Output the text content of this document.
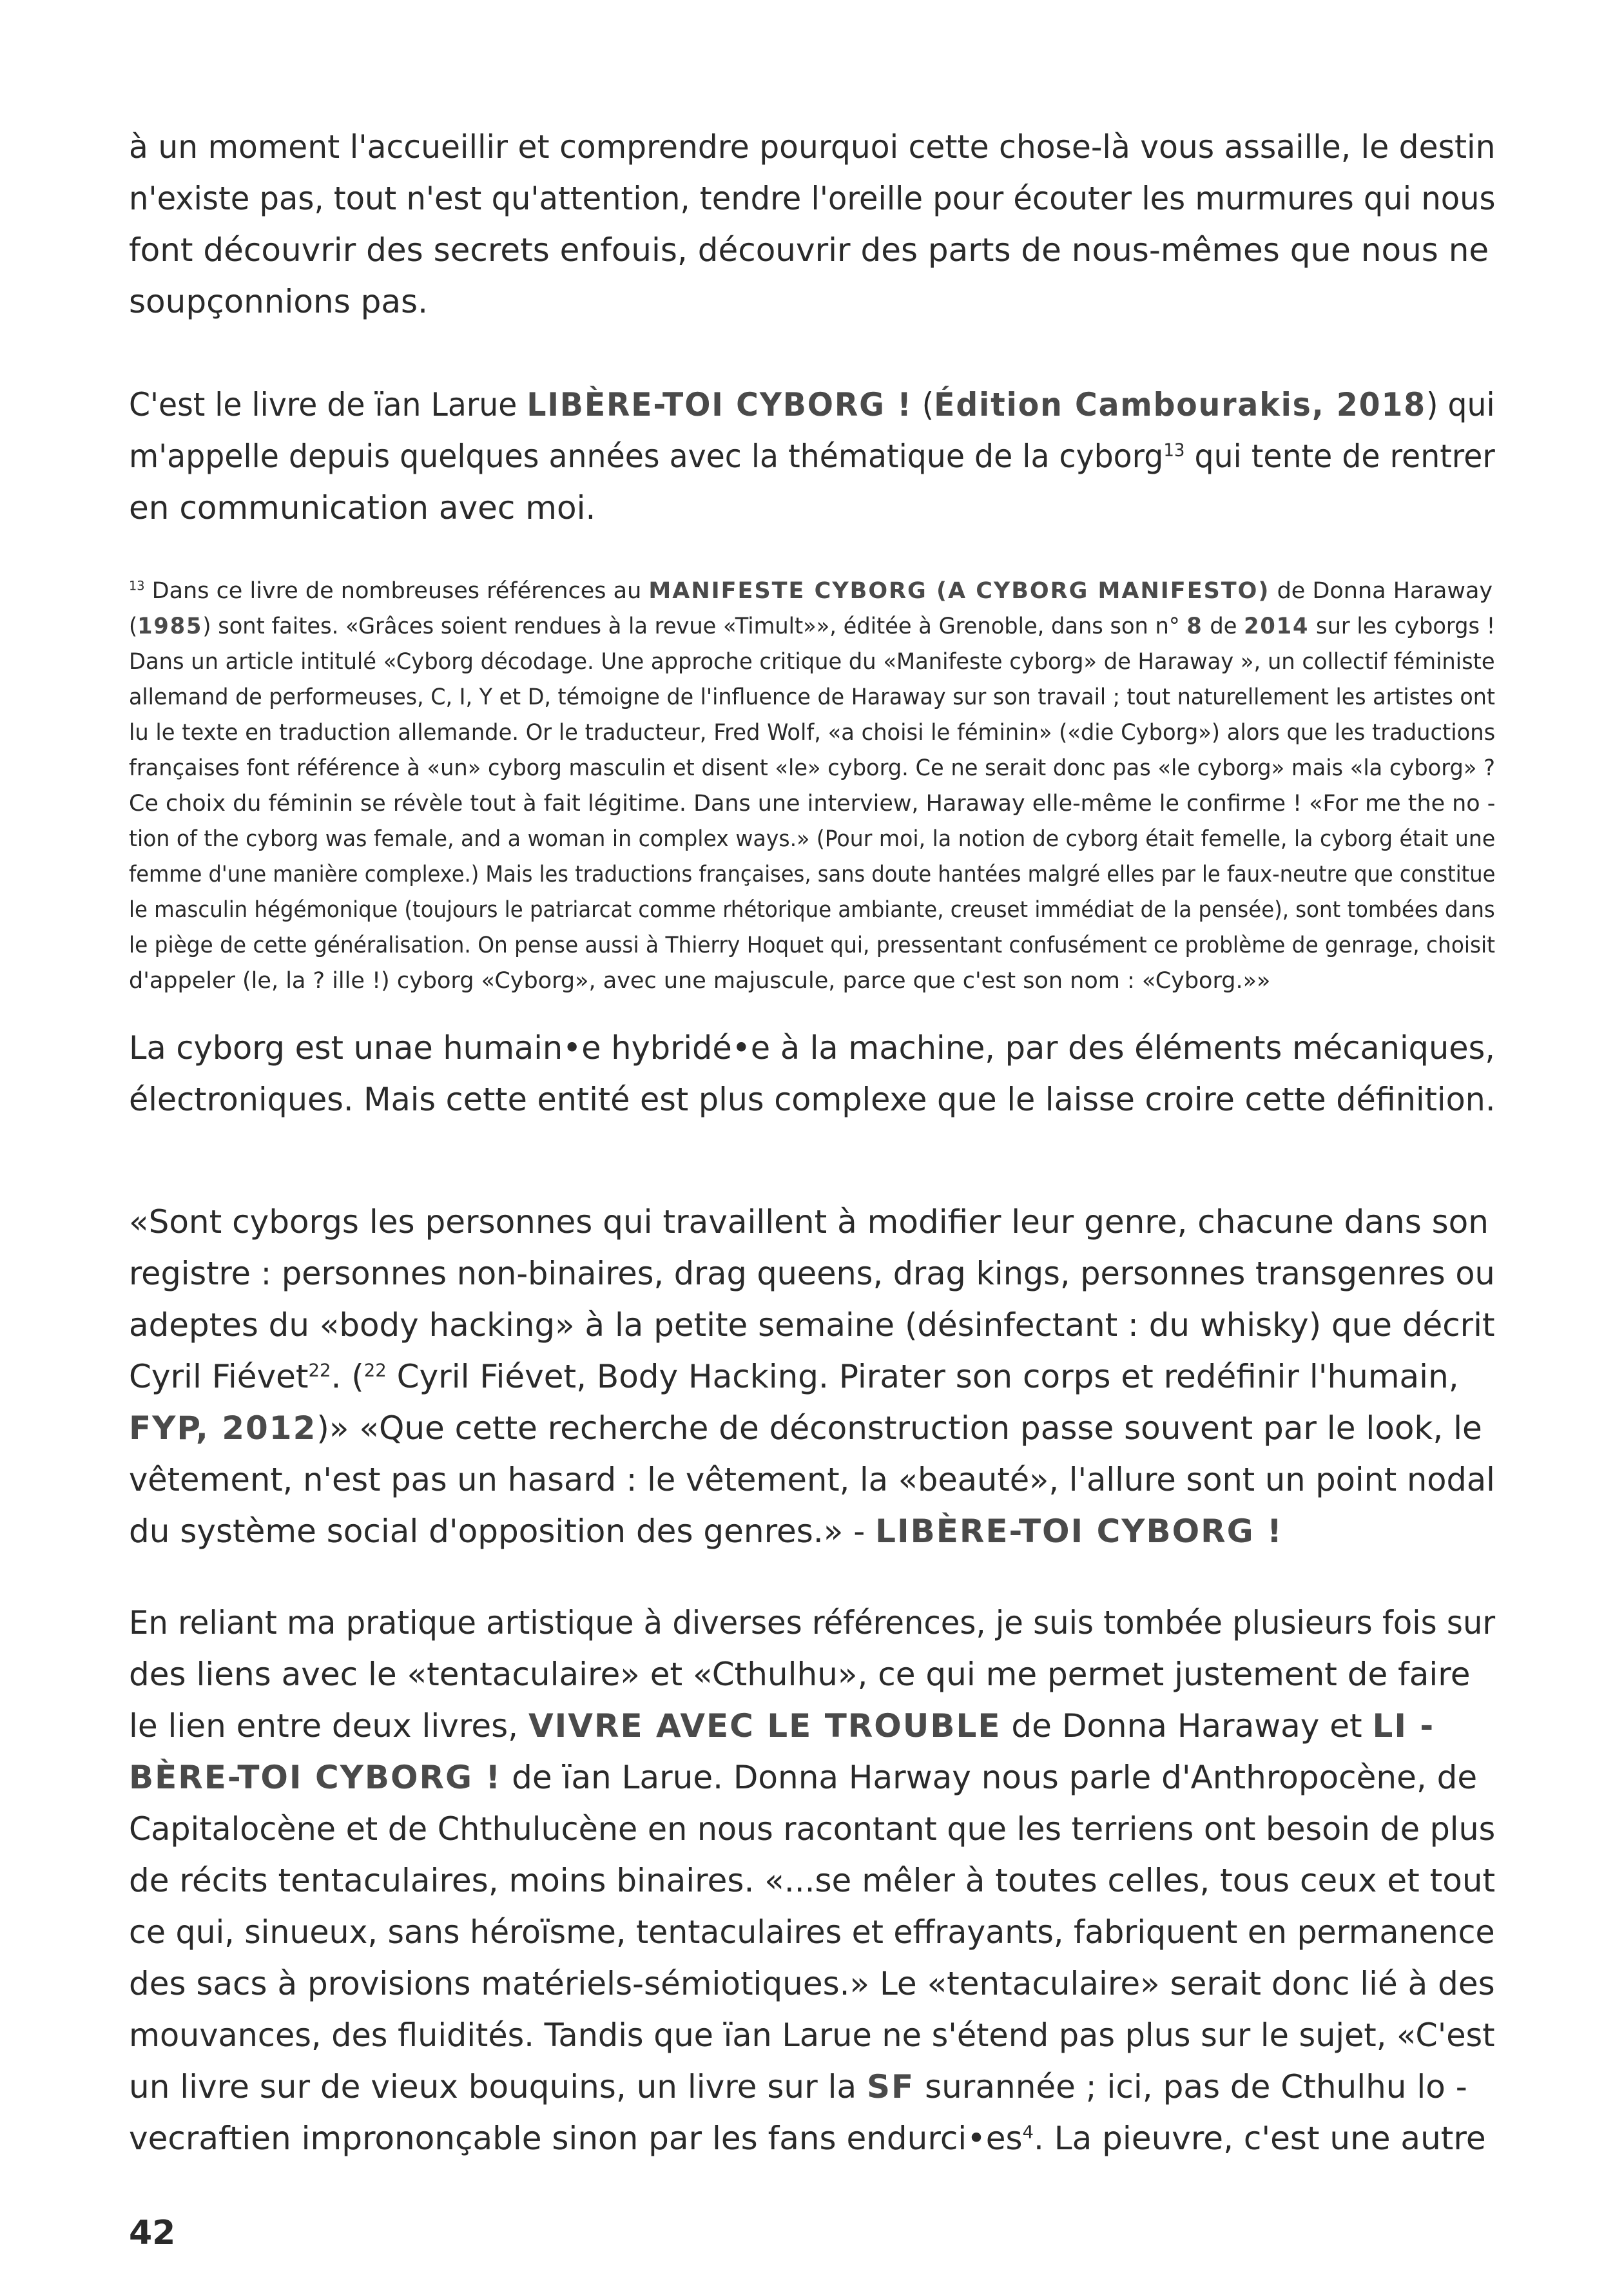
à un moment l'accueillir et comprendre pourquoi cette chose-là vous assaille, le destin
n'existe pas, tout n'est qu'attention, tendre l'oreille pour écouter les murmures qui nous
font découvrir des secrets enfouis, découvrir des parts de nous-mêmes que nous ne
soupçonnions pas.
C'est le livre de ïan Larue LIBÈRE-TOI CYBORG ! (Édition Cambourakis, 2018) qui
m'appelle depuis quelques années avec la thématique de la cyborg$^{13}$ qui tente de rentrer
en communication avec moi.
$^{13}$ Dans ce livre de nombreuses références au MANIFESTE CYBORG (A CYBORG MANIFESTO) de Donna Haraway
(1985) sont faites. «Grâces soient rendues à la revue «Timult»», éditée à Grenoble, dans son n° 8 de 2014 sur les cyborgs !
Dans un article intitulé «Cyborg décodage. Une approche critique du «Manifeste cyborg» de Haraway », un collectif féministe
allemand de performeuses, C, I, Y et D, témoigne de l'influence de Haraway sur son travail ; tout naturellement les artistes ont
lu le texte en traduction allemande. Or le traducteur, Fred Wolf, «a choisi le féminin» («die Cyborg») alors que les traductions
françaises font référence à «un» cyborg masculin et disent «le» cyborg. Ce ne serait donc pas «le cyborg» mais «la cyborg» ?
Ce choix du féminin se révèle tout à fait légitime. Dans une interview, Haraway elle-même le confirme ! «For me the no -
tion of the cyborg was female, and a woman in complex ways.» (Pour moi, la notion de cyborg était femelle, la cyborg était une
femme d'une manière complexe.) Mais les traductions françaises, sans doute hantées malgré elles par le faux-neutre que constitue
le masculin hégémonique (toujours le patriarcat comme rhétorique ambiante, creuset immédiat de la pensée), sont tombées dans
le piège de cette généralisation. On pense aussi à Thierry Hoquet qui, pressentant confusément ce problème de genrage, choisit
d'appeler (le, la ? ille !) cyborg «Cyborg», avec une majuscule, parce que c'est son nom : «Cyborg.»»
La cyborg est unae humain•e hybridé•e à la machine, par des éléments mécaniques,
électroniques. Mais cette entité est plus complexe que le laisse croire cette définition.
«Sont cyborgs les personnes qui travaillent à modifier leur genre, chacune dans son
registre : personnes non-binaires, drag queens, drag kings, personnes transgenres ou
adeptes du «body hacking» à la petite semaine (désinfectant : du whisky) que décrit
Cyril Fiévet$^{22}$. ($^{22}$ Cyril Fiévet, Body Hacking. Pirater son corps et redéfinir l'humain,
FYP, 2012)» «Que cette recherche de déconstruction passe souvent par le look, le
vêtement, n'est pas un hasard : le vêtement, la «beauté», l'allure sont un point nodal
du système social d'opposition des genres.» - LIBÈRE-TOI CYBORG !
En reliant ma pratique artistique à diverses références, je suis tombée plusieurs fois sur
des liens avec le «tentaculaire» et «Cthulhu», ce qui me permet justement de faire
le lien entre deux livres, VIVRE AVEC LE TROUBLE de Donna Haraway et LI -
BÈRE-TOI CYBORG ! de ïan Larue. Donna Harway nous parle d'Anthropocène, de
Capitalocène et de Chthulucène en nous racontant que les terriens ont besoin de plus
de récits tentaculaires, moins binaires. «...se mêler à toutes celles, tous ceux et tout
ce qui, sinueux, sans héroïsme, tentaculaires et effrayants, fabriquent en permanence
des sacs à provisions matériels-sémiotiques.» Le «tentaculaire» serait donc lié à des
mouvances, des fluidités. Tandis que ïan Larue ne s'étend pas plus sur le sujet, «C'est
un livre sur de vieux bouquins, un livre sur la SF surannée ; ici, pas de Cthulhu lo -
vecraftien imprononçable sinon par les fans $endurci•es^4$. La pieuvre, c'est une autre
42
